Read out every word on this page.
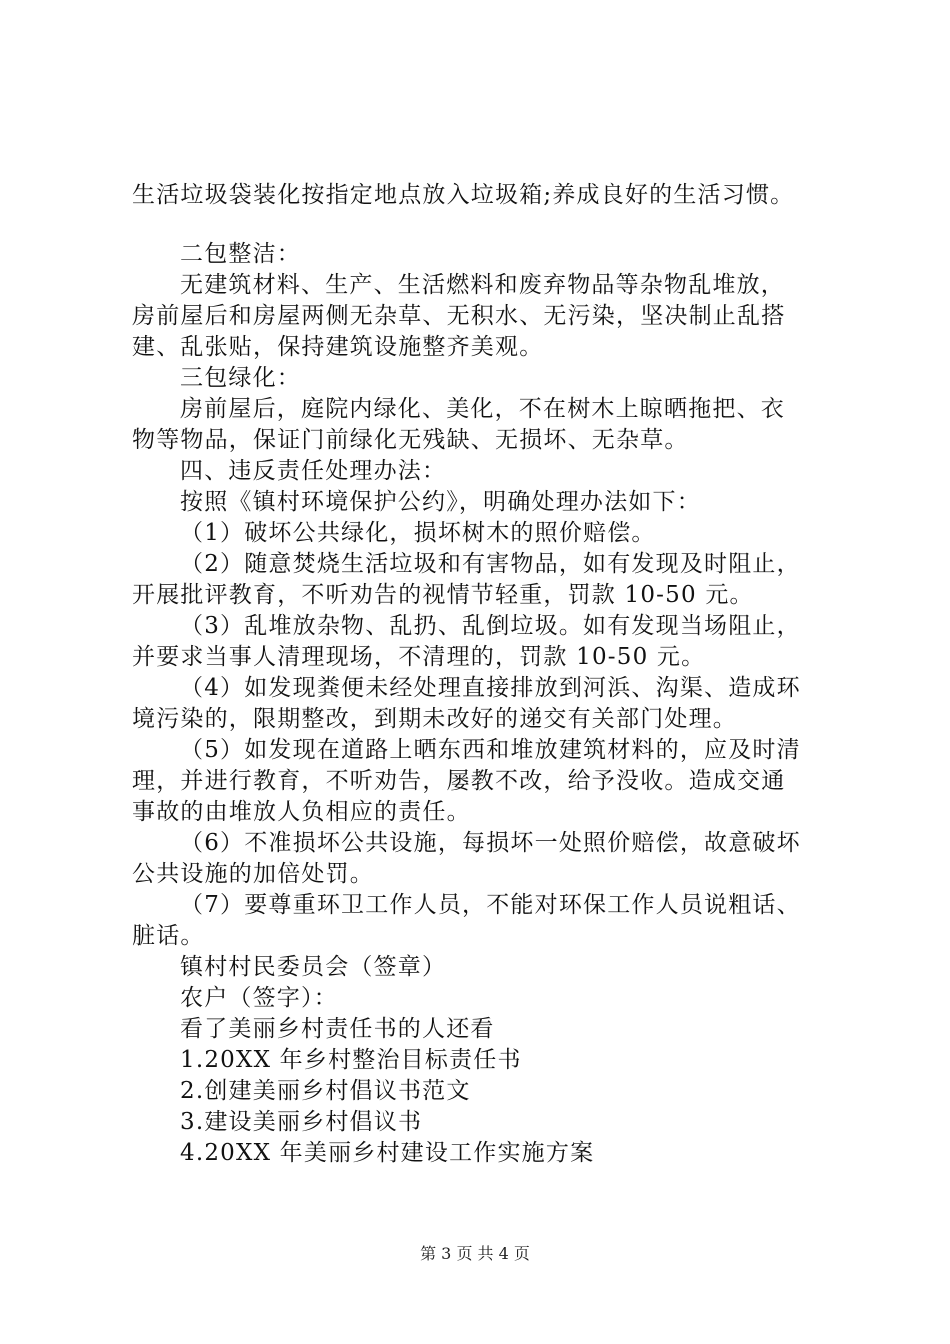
生活垃圾袋装化按指定地点放入垃圾箱;养成良好的生活习惯。
二包整洁：
无建筑材料、生产、生活燃料和废弃物品等杂物乱堆放，
房前屋后和房屋两侧无杂草、无积水、无污染，坚决制止乱搭
建、乱张贴，保持建筑设施整齐美观。
三包绿化：
房前屋后，庭院内绿化、美化，不在树木上晾晒拖把、衣
物等物品，保证门前绿化无残缺、无损坏、无杂草。
四、违反责任处理办法：
按照《镇村环境保护公约》，明确处理办法如下：
（1）破坏公共绿化，损坏树木的照价赔偿。
（2）随意焚烧生活垃圾和有害物品，如有发现及时阻止，
开展批评教育，不听劝告的视情节轻重，罚款 10-50 元。
（3）乱堆放杂物、乱扔、乱倒垃圾。如有发现当场阻止，
并要求当事人清理现场，不清理的，罚款 10-50 元。
（4）如发现粪便未经处理直接排放到河浜、沟渠、造成环
境污染的，限期整改，到期未改好的递交有关部门处理。
（5）如发现在道路上晒东西和堆放建筑材料的，应及时清
理，并进行教育，不听劝告，屡教不改，给予没收。造成交通
事故的由堆放人负相应的责任。
（6）不准损坏公共设施，每损坏一处照价赔偿，故意破坏
公共设施的加倍处罚。
（7）要尊重环卫工作人员，不能对环保工作人员说粗话、
脏话。
镇村村民委员会（签章）
农户（签字）：
看了美丽乡村责任书的人还看
1.20XX 年乡村整治目标责任书
2.创建美丽乡村倡议书范文
3.建设美丽乡村倡议书
4.20XX 年美丽乡村建设工作实施方案
第 3 页 共 4 页
